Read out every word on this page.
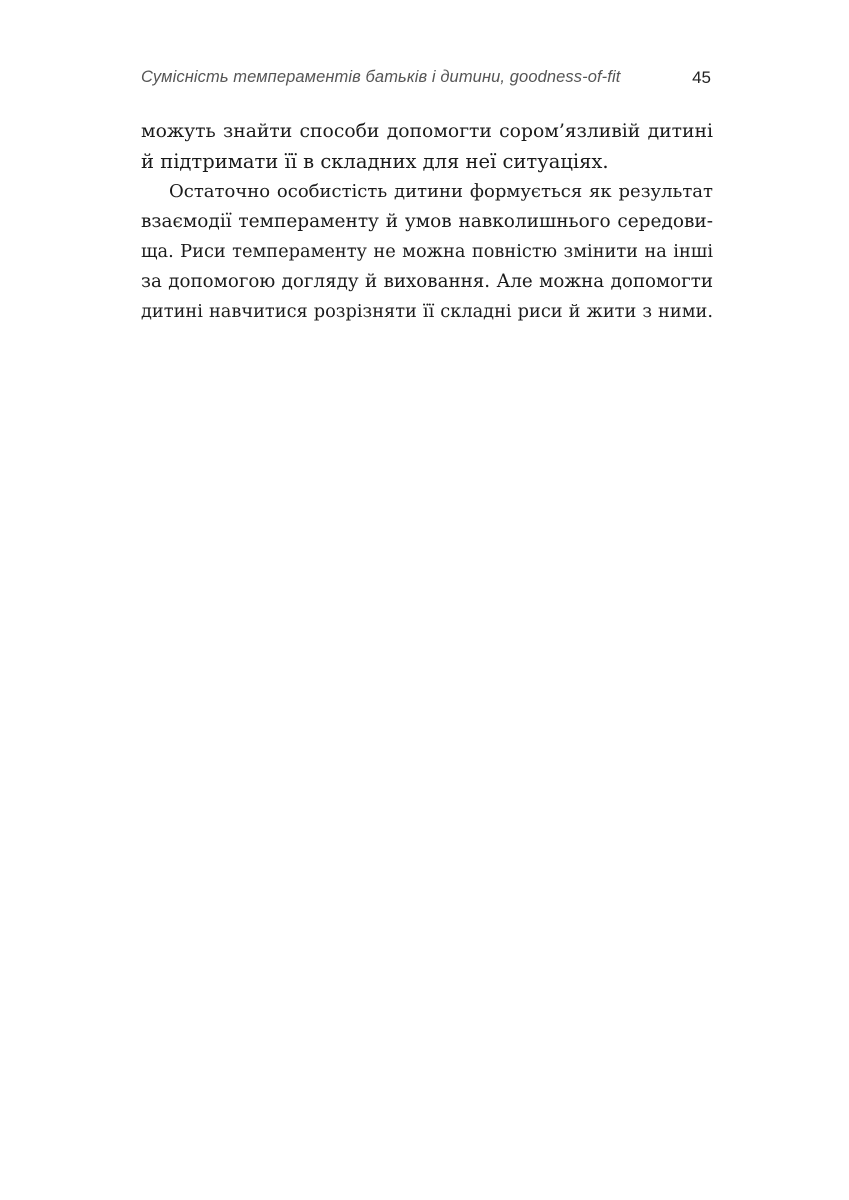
Сумісність темпераментів батьків і дитини, goodness-of-fit	45
можуть знайти способи допомогти сором’язливій дитині
й підтримати її в складних для неї ситуаціях.
Остаточно особистість дитини формується як результат
взаємодії темпераменту й умов навколишнього середови-
ща. Риси темпераменту не можна повністю змінити на інші
за допомогою догляду й виховання. Але можна допомогти
дитині навчитися розрізняти її складні риси й жити з ними.
